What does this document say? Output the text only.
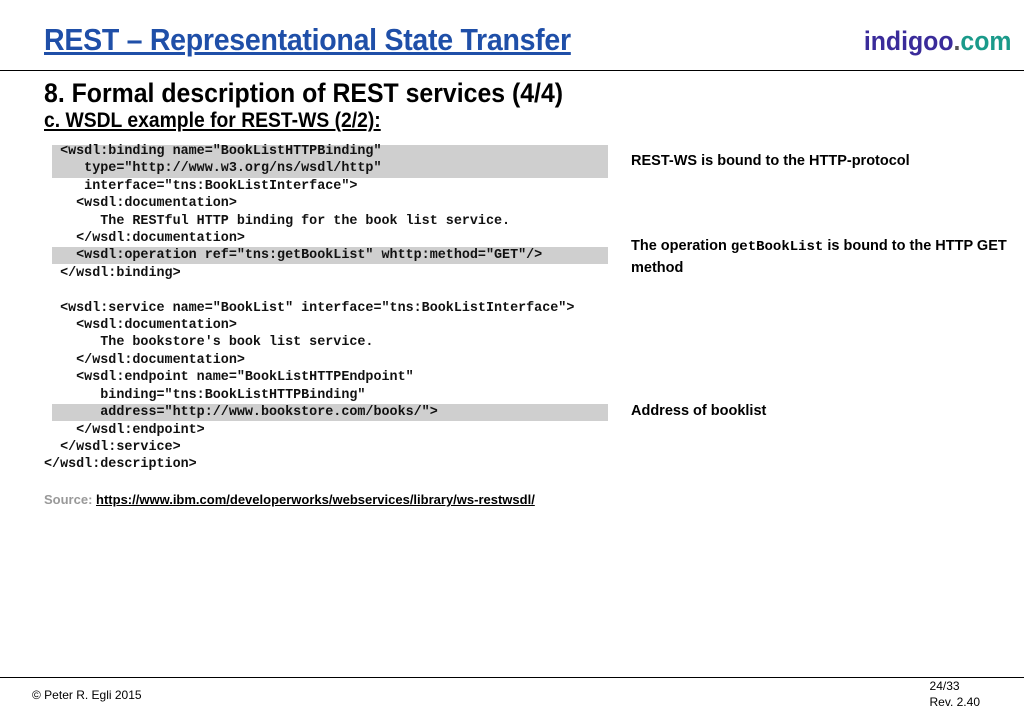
REST – Representational State Transfer	indigoo.com
8. Formal description of REST services (4/4)
c. WSDL example for REST-WS (2/2):
<wsdl:binding name="BookListHTTPBinding"
type="http://www.w3.org/ns/wsdl/http"
interface="tns:BookListInterface">
<wsdl:documentation>
The RESTful HTTP binding for the book list service.
</wsdl:documentation>
<wsdl:operation ref="tns:getBookList" whttp:method="GET"/>
</wsdl:binding>

<wsdl:service name="BookList" interface="tns:BookListInterface">
<wsdl:documentation>
The bookstore's book list service.
</wsdl:documentation>
<wsdl:endpoint name="BookListHTTPEndpoint"
binding="tns:BookListHTTPBinding"
address="http://www.bookstore.com/books/">
</wsdl:endpoint>
</wsdl:service>
</wsdl:description>
REST-WS is bound to the HTTP-protocol
The operation getBookList is bound to the HTTP GET method
Address of booklist
Source: https://www.ibm.com/developerworks/webservices/library/ws-restwsdl/
© Peter R. Egli 2015
24/33
Rev. 2.40
